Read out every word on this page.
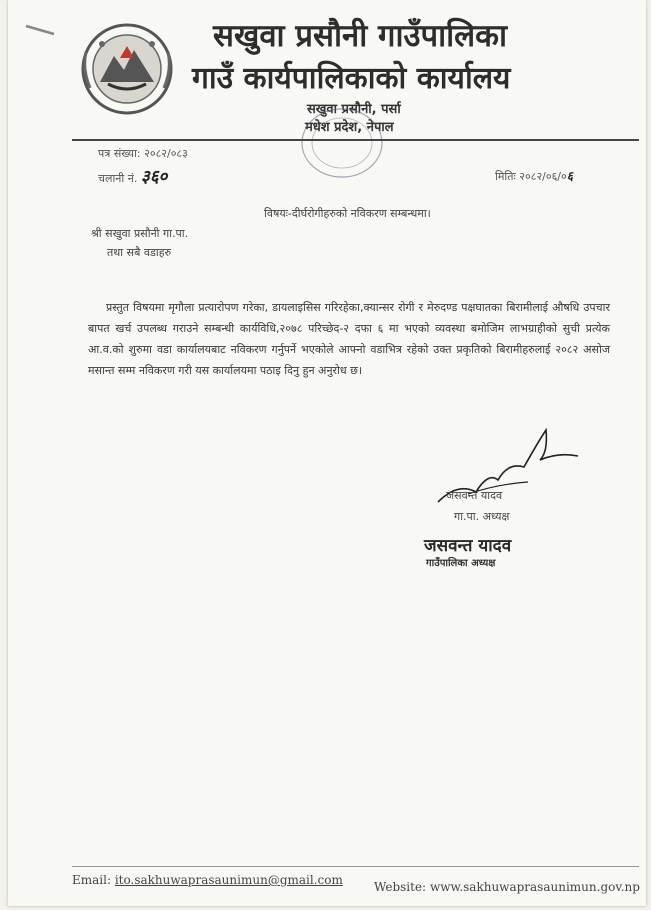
सखुवा प्रसौनी गाउँपालिका
गाउँ कार्यपालिकाको कार्यालय
सखुवा प्रसौनी, पर्सा
मधेश प्रदेश, नेपाल
पत्र संख्या: २०८२/०८३
चलानी नं. ३६०	मितिः २०८२/०६/०६
विषयः-दीर्घरोगीहरुको नविकरण सम्बन्धमा।
श्री सखुवा प्रसौनी गा.पा.
तथा सबै वडाहरु
प्रस्तुत विषयमा मृगौला प्रत्यारोपण गरेका, डायलाइसिस गरिरहेका,क्यान्सर रोगी र मेरुदण्ड पक्षघातका बिरामीलाई औषधि उपचार बापत खर्च उपलब्ध गराउने सम्बन्धी कार्यविधि,२०७८ परिच्छेद-२ दफा ६ मा भएको व्यवस्था बमोजिम लाभग्राहीको सुची प्रत्येक आ.व.को शुरुमा वडा कार्यालयबाट नविकरण गर्नुपर्ने भएकोले आफ्नो वडाभित्र रहेको उक्त प्रकृतिको बिरामीहरुलाई २०८२ असोज मसान्त सम्म नविकरण गरी यस कार्यालयमा पठाइ दिनु हुन अनुरोध छ।
जसवन्त यादव
गा.पा. अध्यक्ष
जसवन्त यादव
गाउँपालिका अध्यक्ष
Email: ito.sakhuwaprasaunimun@gmail.com	Website: www.sakhuwaprasaunimun.gov.np
